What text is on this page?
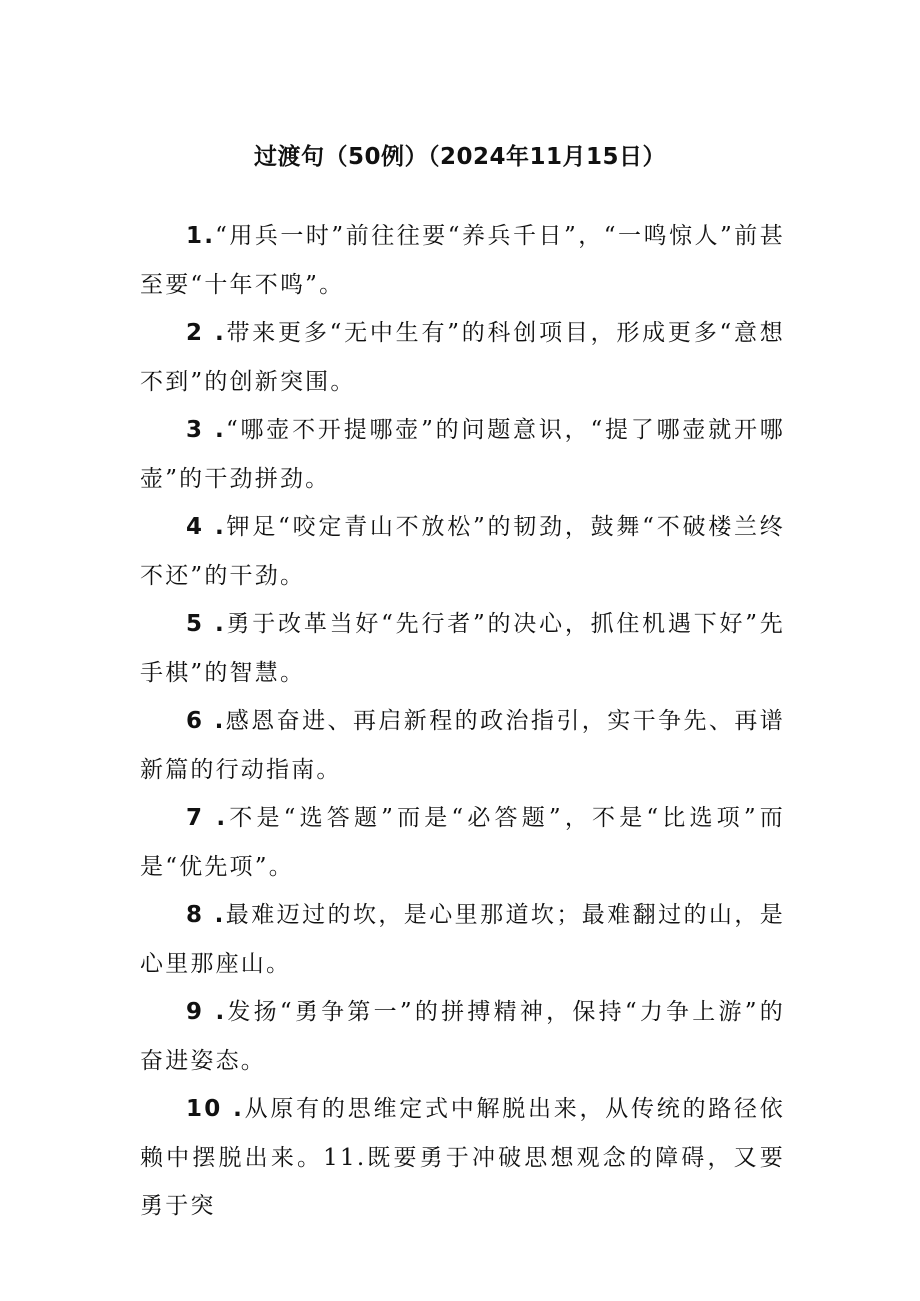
过渡句（50例）（2024年11月15日）

1.“用兵一时”前往往要“养兵千日”，“一鸣惊人”前甚至要“十年不鸣”。

2 .带来更多“无中生有”的科创项目，形成更多“意想不到”的创新突围。

3 .“哪壶不开提哪壶”的问题意识，“提了哪壶就开哪壶”的干劲拼劲。

4 .钾足“咬定青山不放松”的韧劲，鼓舞“不破楼兰终不还”的干劲。

5 .勇于改革当好“先行者”的决心，抓住机遇下好”先手棋”的智慧。

6 .感恩奋进、再启新程的政治指引，实干争先、再谱新篇的行动指南。

7 .不是“选答题”而是“必答题”，不是“比选项”而是“优先项”。

8 .最难迈过的坎，是心里那道坎；最难翻过的山，是心里那座山。

9 .发扬“勇争第一”的拼搏精神，保持“力争上游”的奋进姿态。

10 .从原有的思维定式中解脱出来，从传统的路径依赖中摆脱出来。11.既要勇于冲破思想观念的障碍，又要勇于突
